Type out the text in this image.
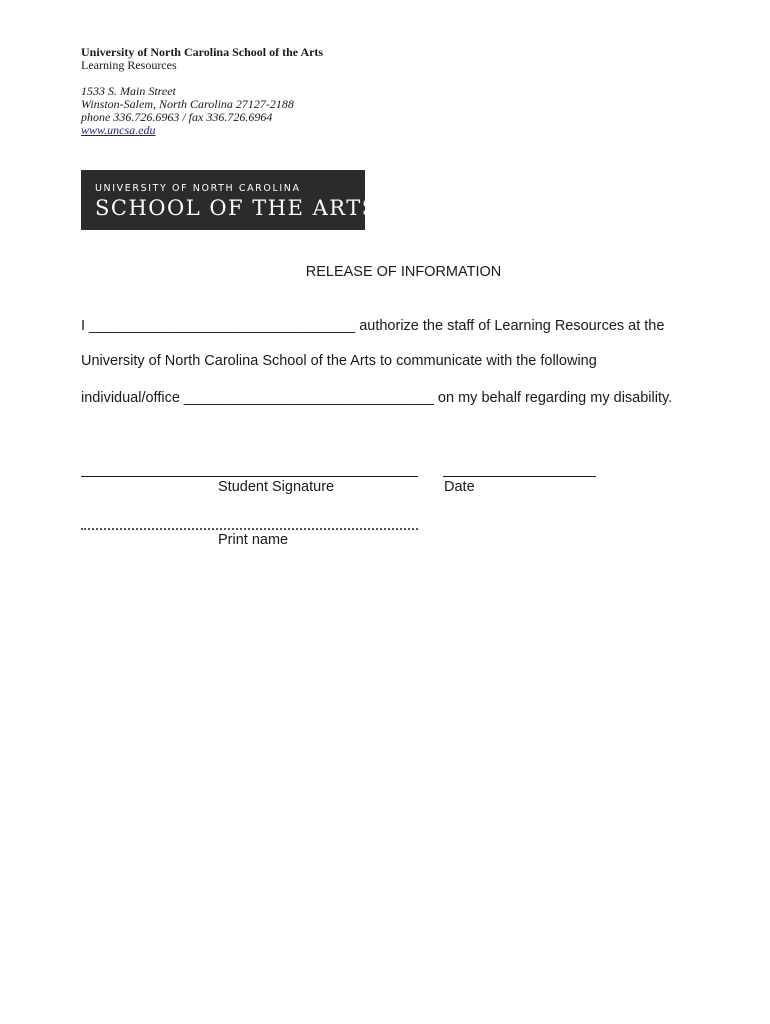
University of North Carolina School of the Arts
Learning Resources
1533 S. Main Street
Winston-Salem, North Carolina 27127-2188
phone 336.726.6963 / fax 336.726.6964
www.uncsa.edu
UNIVERSITY OF NORTH CAROLINA
SCHOOL OF THE ARTS
RELEASE OF INFORMATION
I _________________________________ authorize the staff of Learning Resources at the
University of North Carolina School of the Arts to communicate with the following
individual/office _______________________________ on my behalf regarding my disability.
Student Signature	Date
Print name
